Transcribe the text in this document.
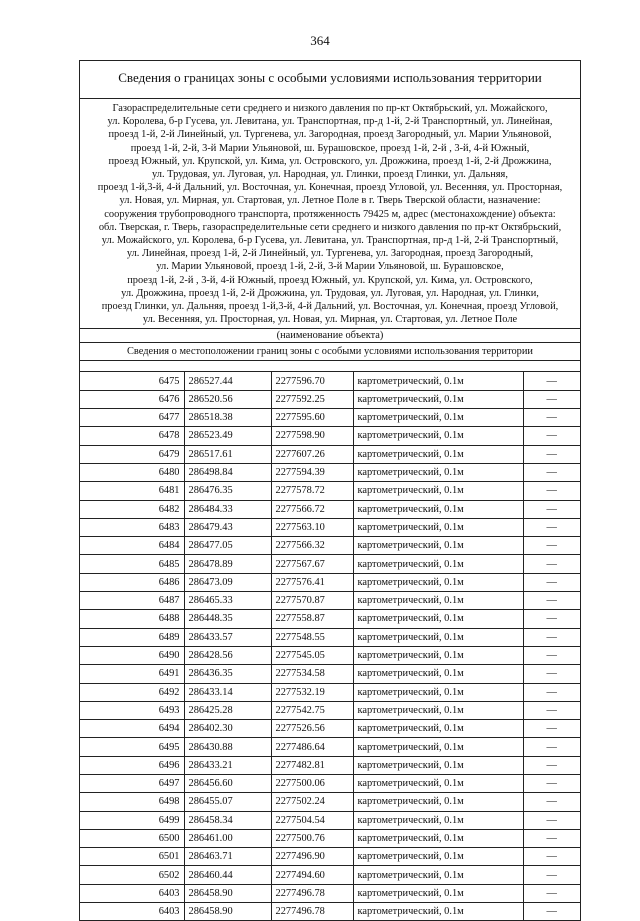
364
Сведения о границах зоны с особыми условиями использования территории
Газораспределительные сети среднего и низкого давления по пр-кт Октябрьский, ул. Можайского,
ул. Королева, б-р Гусева, ул. Левитана, ул. Транспортная, пр-д 1-й, 2-й Транспортный, ул. Линейная,
проезд 1-й, 2-й Линейный, ул. Тургенева, ул. Загородная, проезд Загородный, ул. Марии Ульяновой,
проезд 1-й, 2-й, 3-й Марии Ульяновой, ш. Бурашовское, проезд 1-й, 2-й , 3-й, 4-й Южный,
проезд Южный, ул. Крупской, ул. Кима, ул. Островского, ул. Дрожжина, проезд 1-й, 2-й Дрожжина,
ул. Трудовая, ул. Луговая, ул. Народная, ул. Глинки, проезд Глинки, ул. Дальняя,
проезд 1-й,3-й, 4-й Дальний, ул. Восточная, ул. Конечная, проезд Угловой, ул. Весенняя, ул. Просторная,
ул. Новая, ул. Мирная, ул. Стартовая, ул. Летное Поле в г. Тверь Тверской области, назначение:
сооружения трубопроводного транспорта, протяженность 79425 м, адрес (местонахождение) объекта:
обл. Тверская, г. Тверь, газораспределительные сети среднего и низкого давления по пр-кт Октябрьский,
ул. Можайского, ул. Королева, б-р Гусева, ул. Левитана, ул. Транспортная, пр-д 1-й, 2-й Транспортный,
ул. Линейная, проезд 1-й, 2-й Линейный, ул. Тургенева, ул. Загородная, проезд Загородный,
ул. Марии Ульяновой, проезд 1-й, 2-й, 3-й Марии Ульяновой, ш. Бурашовское,
проезд 1-й, 2-й , 3-й, 4-й Южный, проезд Южный, ул. Крупской, ул. Кима, ул. Островского,
ул. Дрожжина, проезд 1-й, 2-й Дрожжина, ул. Трудовая, ул. Луговая, ул. Народная, ул. Глинки,
проезд Глинки, ул. Дальняя, проезд 1-й,3-й, 4-й Дальний, ул. Восточная, ул. Конечная, проезд Угловой,
ул. Весенняя, ул. Просторная, ул. Новая, ул. Мирная, ул. Стартовая, ул. Летное Поле
(наименование объекта)
Сведения о местоположении границ зоны с особыми условиями использования территории
6475	286527.44	2277596.70	картометрический, 0.1м	—
6476	286520.56	2277592.25	картометрический, 0.1м	—
6477	286518.38	2277595.60	картометрический, 0.1м	—
6478	286523.49	2277598.90	картометрический, 0.1м	—
6479	286517.61	2277607.26	картометрический, 0.1м	—
6480	286498.84	2277594.39	картометрический, 0.1м	—
6481	286476.35	2277578.72	картометрический, 0.1м	—
6482	286484.33	2277566.72	картометрический, 0.1м	—
6483	286479.43	2277563.10	картометрический, 0.1м	—
6484	286477.05	2277566.32	картометрический, 0.1м	—
6485	286478.89	2277567.67	картометрический, 0.1м	—
6486	286473.09	2277576.41	картометрический, 0.1м	—
6487	286465.33	2277570.87	картометрический, 0.1м	—
6488	286448.35	2277558.87	картометрический, 0.1м	—
6489	286433.57	2277548.55	картометрический, 0.1м	—
6490	286428.56	2277545.05	картометрический, 0.1м	—
6491	286436.35	2277534.58	картометрический, 0.1м	—
6492	286433.14	2277532.19	картометрический, 0.1м	—
6493	286425.28	2277542.75	картометрический, 0.1м	—
6494	286402.30	2277526.56	картометрический, 0.1м	—
6495	286430.88	2277486.64	картометрический, 0.1м	—
6496	286433.21	2277482.81	картометрический, 0.1м	—
6497	286456.60	2277500.06	картометрический, 0.1м	—
6498	286455.07	2277502.24	картометрический, 0.1м	—
6499	286458.34	2277504.54	картометрический, 0.1м	—
6500	286461.00	2277500.76	картометрический, 0.1м	—
6501	286463.71	2277496.90	картометрический, 0.1м	—
6502	286460.44	2277494.60	картометрический, 0.1м	—
6403	286458.90	2277496.78	картометрический, 0.1м	—
6403	286458.90	2277496.78	картометрический, 0.1м	—
